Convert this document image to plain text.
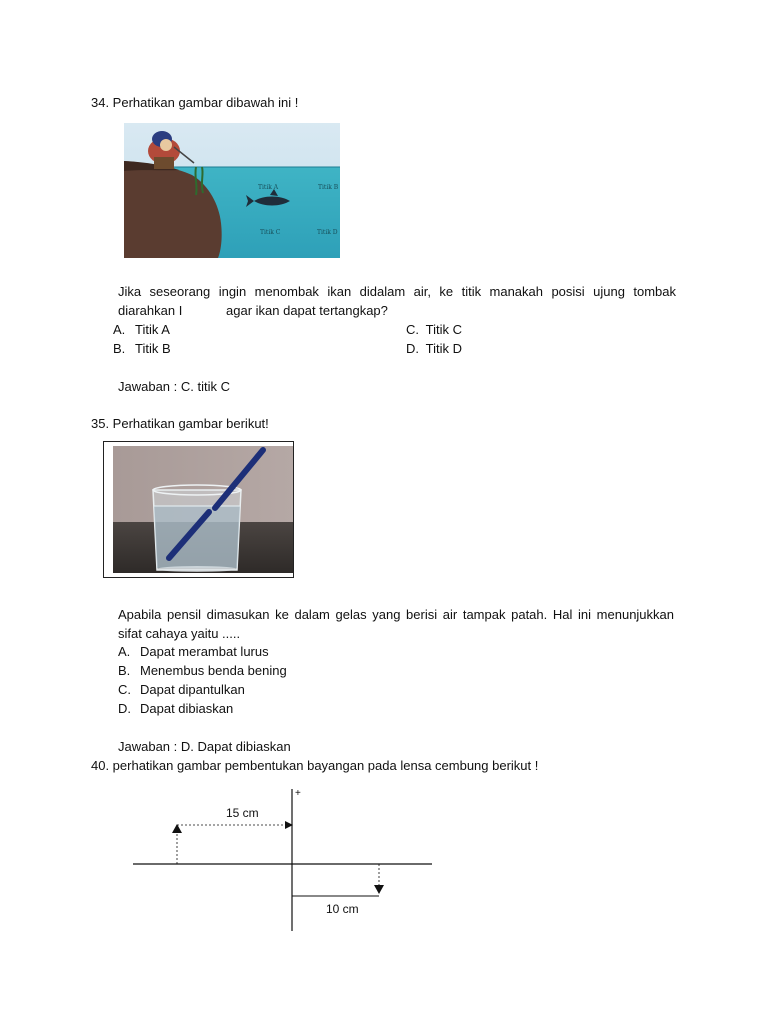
34. Perhatikan gambar dibawah ini !
Titik A	Titik B
Titik C	Titik D
Jika seseorang ingin menombak ikan didalam air, ke titik manakah posisi ujung tombak
diarahkan I	agar ikan dapat tertangkap?
A. Titik A
B. Titik B
C. Titik C
D. Titik D
Jawaban : C. titik C
35. Perhatikan gambar berikut!
Apabila pensil dimasukan ke dalam gelas yang berisi air tampak patah. Hal ini menunjukkan
sifat cahaya yaitu .....
A. Dapat merambat lurus
B. Menembus benda bening
C. Dapat dipantulkan
D. Dapat dibiaskan
Jawaban : D. Dapat dibiaskan
40. perhatikan gambar pembentukan bayangan pada lensa cembung berikut !
+
15 cm
10 cm
